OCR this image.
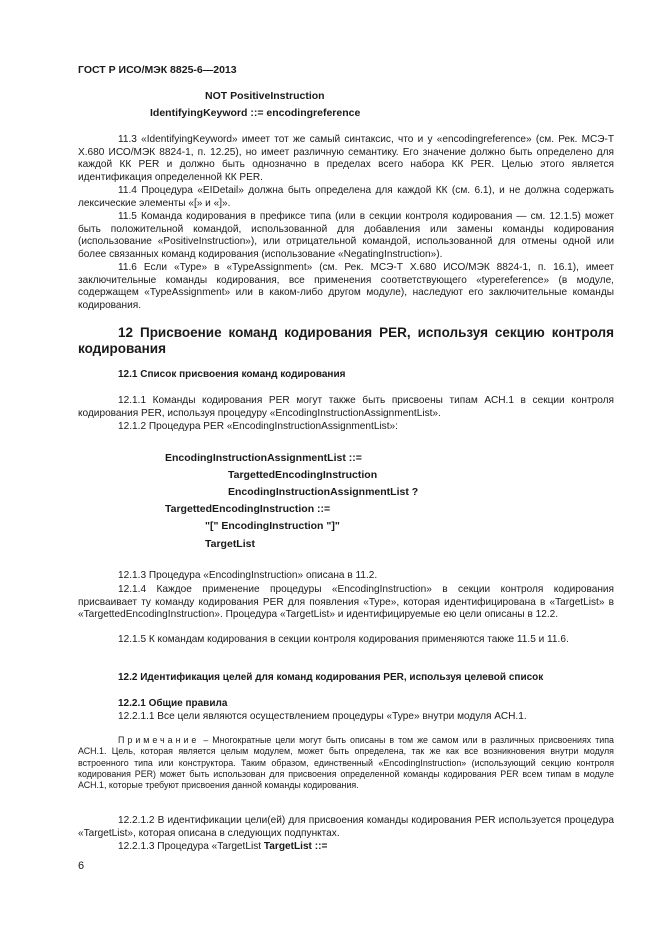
ГОСТ Р ИСО/МЭК 8825-6—2013
NOT PositiveInstruction
IdentifyingKeyword ::= encodingreference

11.3 «IdentifyingKeyword» имеет тот же самый синтаксис, что и у «encodingreference» (см. Рек. МСЭ-Т X.680 ИСО/МЭК 8824-1, п. 12.25), но имеет различную семантику. Его значение должно быть определено для каждой КК PER и должно быть однозначно в пределах всего набора КК PER. Целью этого является идентификация определенной КК PER.

11.4 Процедура «EIDetail» должна быть определена для каждой КК (см. 6.1), и не должна содержать лексические элементы «[» и «]».

11.5 Команда кодирования в префиксе типа (или в секции контроля кодирования — см. 12.1.5) может быть положительной командой, использованной для добавления или замены команды кодирования (использование «PositiveInstruction»), или отрицательной командой, использованной для отмены одной или более связанных команд кодирования (использование «NegatingInstruction»).

11.6 Если «Type» в «TypeAssignment» (см. Рек. МСЭ-Т X.680 ИСО/МЭК 8824-1, п. 16.1), имеет заключительные команды кодирования, все применения соответствующего «typereference» (в модуле, содержащем «TypeAssignment» или в каком-либо другом модуле), наследуют его заключительные команды кодирования.

12 Присвоение команд кодирования PER, используя секцию контроля кодирования

12.1 Список присвоения команд кодирования

12.1.1 Команды кодирования PER могут также быть присвоены типам АСН.1 в секции контроля кодирования PER, используя процедуру «EncodingInstructionAssignmentList».

12.1.2 Процедура PER «EncodingInstructionAssignmentList»:

EncodingInstructionAssignmentList ::=
TargettedEncodingInstruction
EncodingInstructionAssignmentList ?
TargettedEncodingInstruction ::=
"[" EncodingInstruction "]"
TargetList

12.1.3 Процедура «EncodingInstruction» описана в 11.2.

12.1.4 Каждое применение процедуры «EncodingInstruction» в секции контроля кодирования присваивает ту команду кодирования PER для появления «Type», которая идентифицирована в «TargetList» в «TargettedEncodingInstruction». Процедура «TargetList» и идентифицируемые ею цели описаны в 12.2.

12.1.5 К командам кодирования в секции контроля кодирования применяются также 11.5 и 11.6.

12.2 Идентификация целей для команд кодирования PER, используя целевой список
12.2.1 Общие правила

12.2.1.1 Все цели являются осуществлением процедуры «Type» внутри модуля АСН.1.

Примечание – Многократные цели могут быть описаны в том же самом или в различных присвоениях типа АСН.1. Цель, которая является целым модулем, может быть определена, так же как все возникновения внутри модуля встроенного типа или конструктора. Таким образом, единственный «EncodingInstruction» (использующий секцию контроля кодирования PER) может быть использован для присвоения определенной команды кодирования PER всем типам в модуле АСН.1, которые требуют присвоения данной команды кодирования.

12.2.1.2 В идентификации цели(ей) для присвоения команды кодирования PER используется процедура «TargetList», которая описана в следующих подпунктах.

12.2.1.3 Процедура «TargetList TargetList ::=

6
